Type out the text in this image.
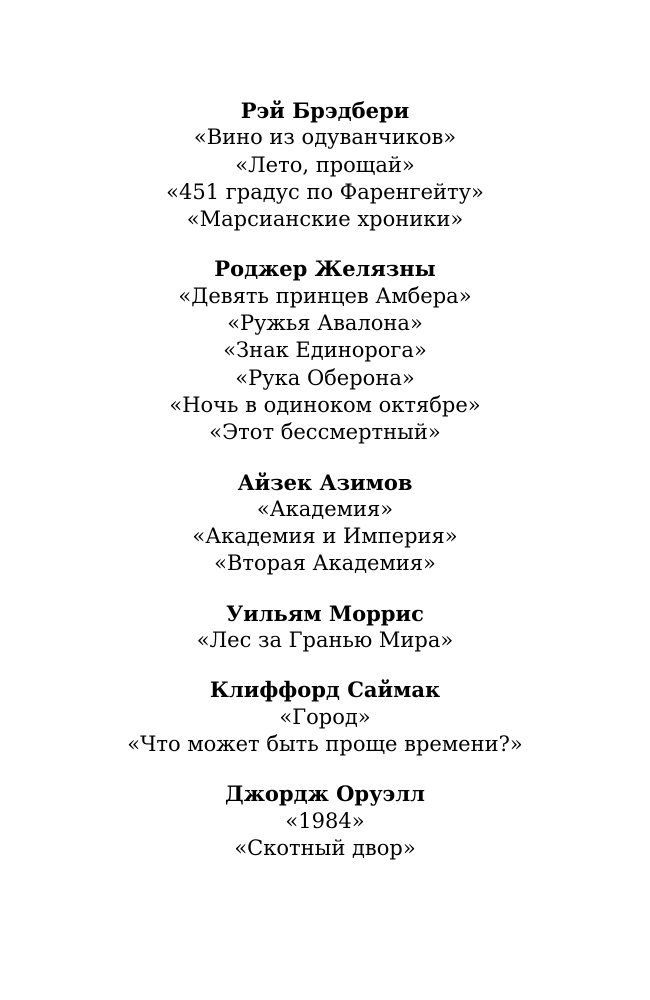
Рэй Брэдбери

«Вино из одуванчиков»
«Лето, прощай»
«451 градус по Фаренгейту»
«Марсианские хроники»

Роджер Желязны

«Девять принцев Амбера»
«Ружья Авалона»
«Знак Единорога»
«Рука Оберона»
«Ночь в одиноком октябре»
«Этот бессмертный»

Айзек Азимов

«Академия»
«Академия и Империя»
«Вторая Академия»

Уильям Моррис

«Лес за Гранью Мира»

Клиффорд Саймак

«Город»
«Что может быть проще времени?»

Джордж Оруэлл

«1984»
«Скотный двор»
